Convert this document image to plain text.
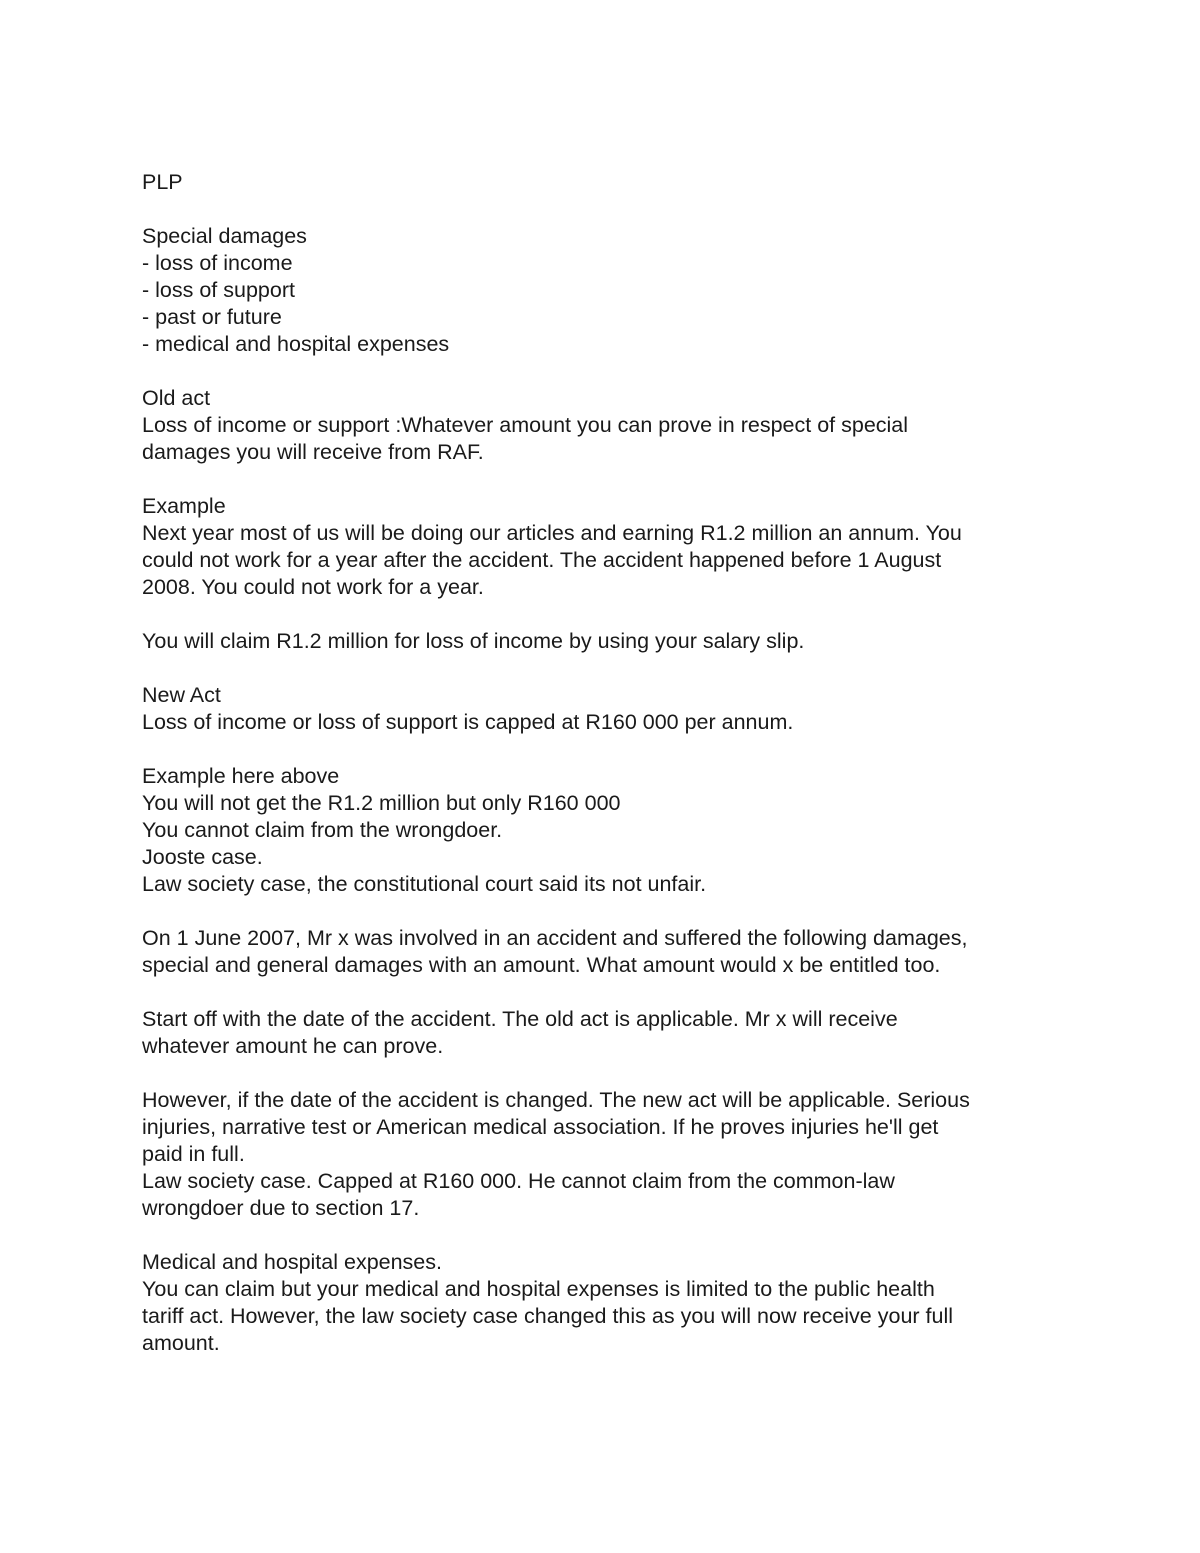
PLP
Special damages
- loss of income
- loss of support
- past or future
- medical and hospital expenses
Old act
Loss of income or support :Whatever amount you can prove in respect of special
damages you will receive from RAF.
Example
Next year most of us will be doing our articles and earning R1.2 million an annum. You
could not work for a year after the accident. The accident happened before 1 August
2008. You could not work for a year.
You will claim R1.2 million for loss of income by using your salary slip.
New Act
Loss of income or loss of support is capped at R160 000 per annum.
Example here above
You will not get the R1.2 million but only R160 000
You cannot claim from the wrongdoer.
Jooste case.
Law society case, the constitutional court said its not unfair.
On 1 June 2007, Mr x was involved in an accident and suffered the following damages,
special and general damages with an amount. What amount would x be entitled too.
Start off with the date of the accident. The old act is applicable. Mr x will receive
whatever amount he can prove.
However, if the date of the accident is changed. The new act will be applicable. Serious
injuries, narrative test or American medical association. If he proves injuries he'll get
paid in full.
Law society case. Capped at R160 000. He cannot claim from the common-law
wrongdoer due to section 17.
Medical and hospital expenses.
You can claim but your medical and hospital expenses is limited to the public health
tariff act. However, the law society case changed this as you will now receive your full
amount.
